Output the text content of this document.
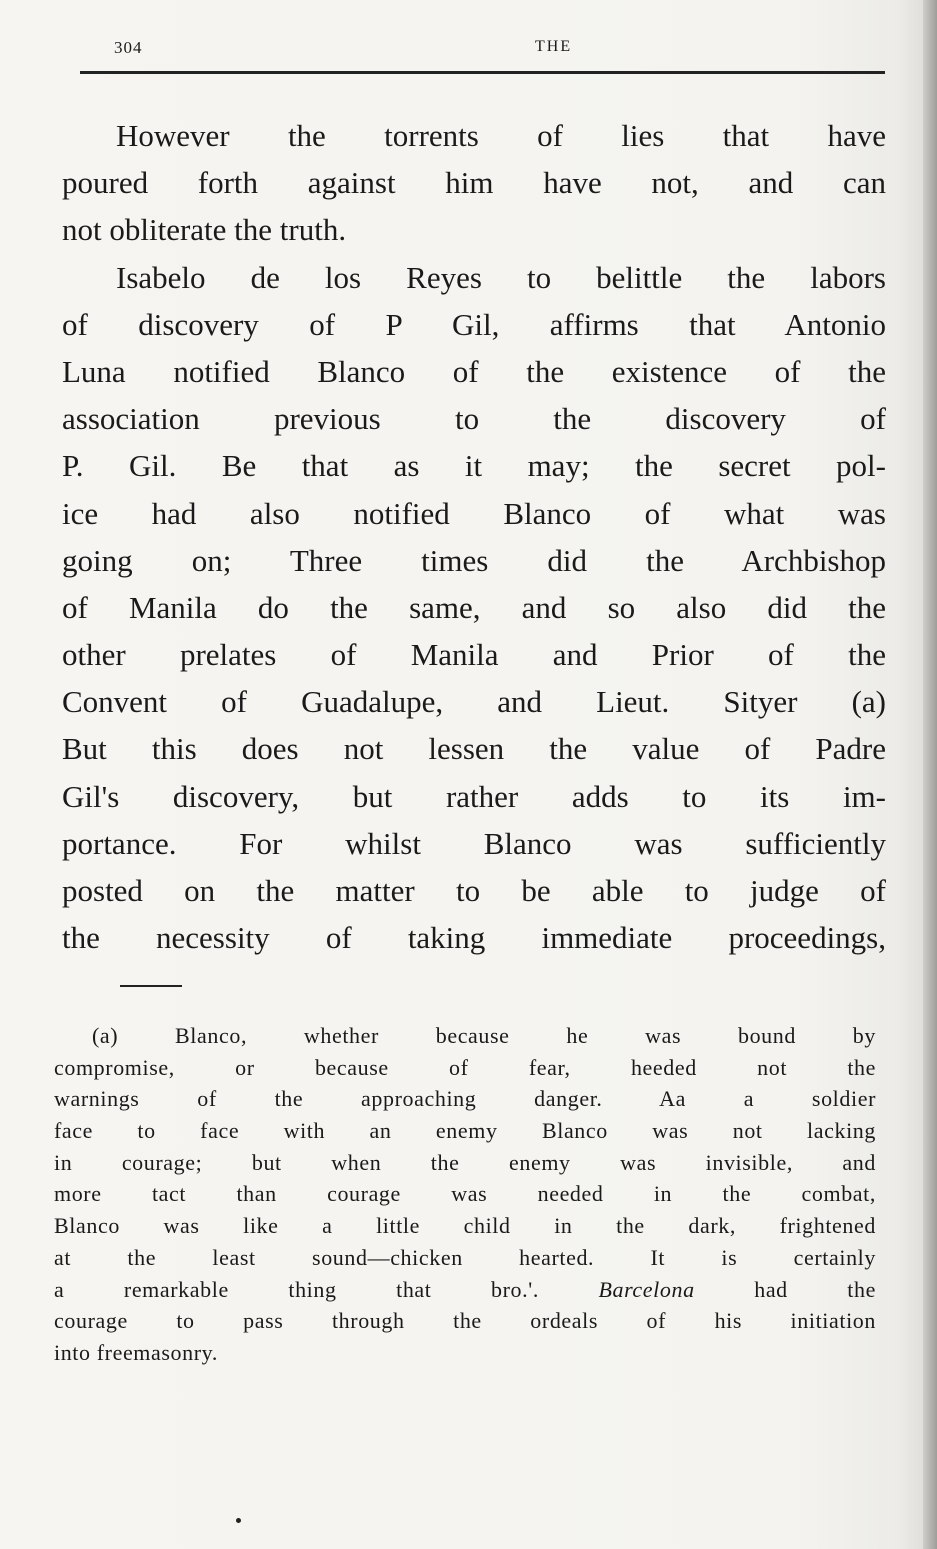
304	THE
However the torrents of lies that have
poured forth against him have not, and can
not obliterate the truth.
Isabelo de los Reyes to belittle the labors
of discovery of P Gil, affirms that Antonio
Luna notified Blanco of the existence of the
association previous to the discovery of
P. Gil. Be that as it may; the secret pol-
ice had also notified Blanco of what was
going on; Three times did the Archbishop
of Manila do the same, and so also did the
other prelates of Manila and Prior of the
Convent of Guadalupe, and Lieut. Sityer (a)
But this does not lessen the value of Padre
Gil's discovery, but rather adds to its im-
portance. For whilst Blanco was sufficiently
posted on the matter to be able to judge of
the necessity of taking immediate proceedings,
(a) Blanco, whether because he was bound by
compromise, or because of fear, heeded not the
warnings of the approaching danger. Aa a soldier
face to face with an enemy Blanco was not lacking
in courage; but when the enemy was invisible, and
more tact than courage was needed in the combat,
Blanco was like a little child in the dark, frightened
at the least sound—chicken hearted. It is certainly
a remarkable thing that bro.'. Barcelona had the
courage to pass through the ordeals of his initiation
into freemasonry.
